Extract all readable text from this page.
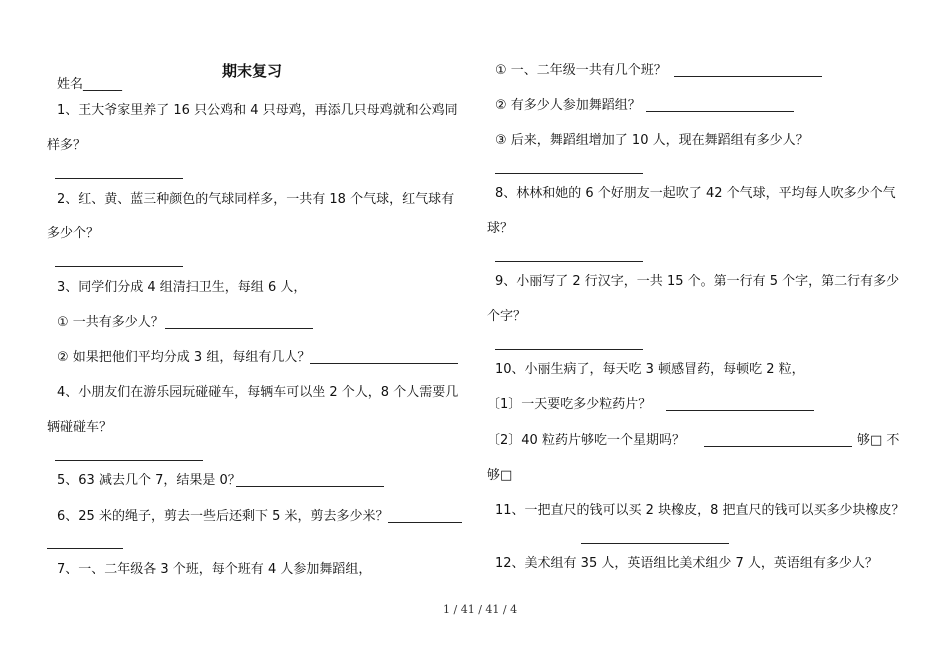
期末复习
姓名______
1、王大爷家里养了 16 只公鸡和 4 只母鸡，再添几只母鸡就和公鸡同
样多？
2、红、黄、蓝三种颜色的气球同样多，一共有 18 个气球，红气球有
多少个？
3、同学们分成 4 组清扫卫生，每组 6 人，
① 一共有多少人？
② 如果把他们平均分成 3 组，每组有几人？
4、小朋友们在游乐园玩碰碰车，每辆车可以坐 2 个人，8 个人需要几
辆碰碰车？
5、63 减去几个 7，结果是 0？
6、25 米的绳子，剪去一些后还剩下 5 米，剪去多少米？
7、一、二年级各 3 个班，每个班有 4 人参加舞蹈组，
① 一、二年级一共有几个班？
② 有多少人参加舞蹈组？
③ 后来，舞蹈组增加了 10 人，现在舞蹈组有多少人？
8、林林和她的 6 个好朋友一起吹了 42 个气球，平均每人吹多少个气
球？
9、小丽写了 2 行汉字，一共 15 个。第一行有 5 个字，第二行有多少
个字？
10、小丽生病了，每天吃 3 顿感冒药，每顿吃 2 粒，
〔1〕一天要吃多少粒药片？
〔2〕40 粒药片够吃一个星期吗？	够□ 不
够□
11、一把直尺的钱可以买 2 块橡皮，8 把直尺的钱可以买多少块橡皮？
12、美术组有 35 人，英语组比美术组少 7 人，英语组有多少人？
1 / 41 / 41 / 4
